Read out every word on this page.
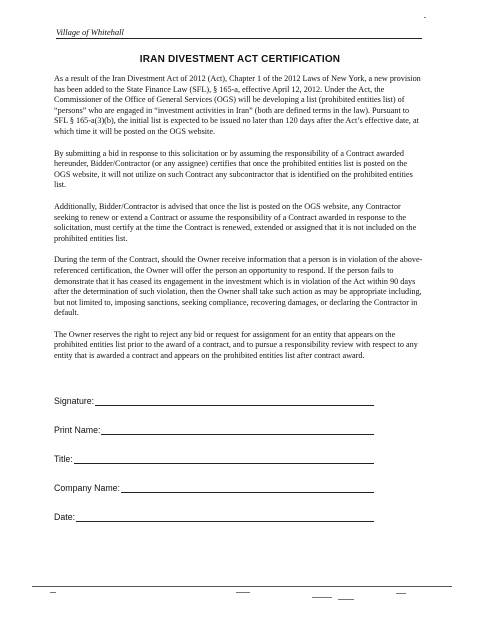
Village of Whitehall
IRAN DIVESTMENT ACT CERTIFICATION

As a result of the Iran Divestment Act of 2012 (Act), Chapter 1 of the 2012 Laws of New York, a new provision has been added to the State Finance Law (SFL), § 165-a, effective April 12, 2012. Under the Act, the Commissioner of the Office of General Services (OGS) will be developing a list (prohibited entities list) of “persons” who are engaged in “investment activities in Iran” (both are defined terms in the law). Pursuant to SFL § 165-a(3)(b), the initial list is expected to be issued no later than 120 days after the Act’s effective date, at which time it will be posted on the OGS website.

By submitting a bid in response to this solicitation or by assuming the responsibility of a Contract awarded hereunder, Bidder/Contractor (or any assignee) certifies that once the prohibited entities list is posted on the OGS website, it will not utilize on such Contract any subcontractor that is identified on the prohibited entities list.

Additionally, Bidder/Contractor is advised that once the list is posted on the OGS website, any Contractor seeking to renew or extend a Contract or assume the responsibility of a Contract awarded in response to the solicitation, must certify at the time the Contract is renewed, extended or assigned that it is not included on the prohibited entities list.

During the term of the Contract, should the Owner receive information that a person is in violation of the above-referenced certification, the Owner will offer the person an opportunity to respond. If the person fails to demonstrate that it has ceased its engagement in the investment which is in violation of the Act within 90 days after the determination of such violation, then the Owner shall take such action as may be appropriate including, but not limited to, imposing sanctions, seeking compliance, recovering damages, or declaring the Contractor in default.

The Owner reserves the right to reject any bid or request for assignment for an entity that appears on the prohibited entities list prior to the award of a contract, and to pursue a responsibility review with respect to any entity that is awarded a contract and appears on the prohibited entities list after contract award.

Signature:
Print Name:
Title:
Company Name:
Date:
